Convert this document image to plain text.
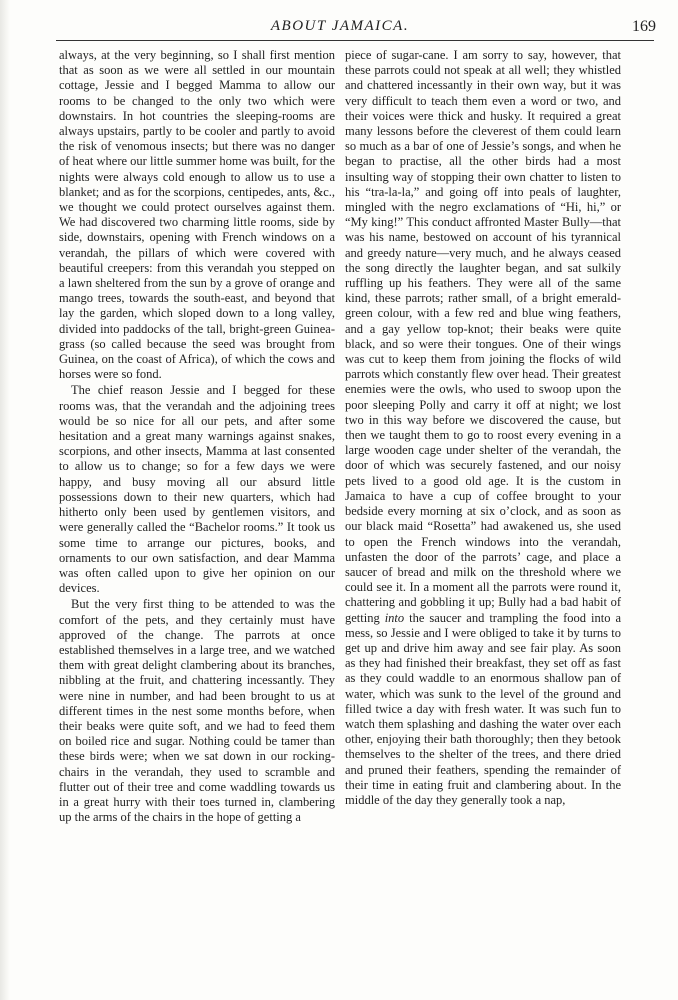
ABOUT JAMAICA.	169

always, at the very beginning, so I shall first mention that as soon as we were all settled in our mountain cottage, Jessie and I begged Mamma to allow our rooms to be changed to the only two which were downstairs. In hot countries the sleeping-rooms are always upstairs, partly to be cooler and partly to avoid the risk of venomous insects; but there was no danger of heat where our little summer home was built, for the nights were always cold enough to allow us to use a blanket; and as for the scorpions, centipedes, ants, &c., we thought we could protect ourselves against them. We had discovered two charming little rooms, side by side, downstairs, opening with French windows on a verandah, the pillars of which were covered with beautiful creepers: from this verandah you stepped on a lawn sheltered from the sun by a grove of orange and mango trees, towards the south-east, and beyond that lay the garden, which sloped down to a long valley, divided into paddocks of the tall, bright-green Guinea-grass (so called because the seed was brought from Guinea, on the coast of Africa), of which the cows and horses were so fond.

The chief reason Jessie and I begged for these rooms was, that the verandah and the adjoining trees would be so nice for all our pets, and after some hesitation and a great many warnings against snakes, scorpions, and other insects, Mamma at last consented to allow us to change; so for a few days we were happy, and busy moving all our absurd little possessions down to their new quarters, which had hitherto only been used by gentlemen visitors, and were generally called the “Bachelor rooms.” It took us some time to arrange our pictures, books, and ornaments to our own satisfaction, and dear Mamma was often called upon to give her opinion on our devices.

But the very first thing to be attended to was the comfort of the pets, and they certainly must have approved of the change. The parrots at once established themselves in a large tree, and we watched them with great delight clambering about its branches, nibbling at the fruit, and chattering incessantly. They were nine in number, and had been brought to us at different times in the nest some months before, when their beaks were quite soft, and we had to feed them on boiled rice and sugar. Nothing could be tamer than these birds were; when we sat down in our rocking-chairs in the verandah, they used to scramble and flutter out of their tree and come waddling towards us in a great hurry with their toes turned in, clambering up the arms of the chairs in the hope of getting a

piece of sugar-cane. I am sorry to say, however, that these parrots could not speak at all well; they whistled and chattered incessantly in their own way, but it was very difficult to teach them even a word or two, and their voices were thick and husky. It required a great many lessons before the cleverest of them could learn so much as a bar of one of Jessie’s songs, and when he began to practise, all the other birds had a most insulting way of stopping their own chatter to listen to his “tra-la-la,” and going off into peals of laughter, mingled with the negro exclamations of “Hi, hi,” or “My king!” This conduct affronted Master Bully—that was his name, bestowed on account of his tyrannical and greedy nature—very much, and he always ceased the song directly the laughter began, and sat sulkily ruffling up his feathers. They were all of the same kind, these parrots; rather small, of a bright emerald-green colour, with a few red and blue wing feathers, and a gay yellow top-knot; their beaks were quite black, and so were their tongues. One of their wings was cut to keep them from joining the flocks of wild parrots which constantly flew over head. Their greatest enemies were the owls, who used to swoop upon the poor sleeping Polly and carry it off at night; we lost two in this way before we discovered the cause, but then we taught them to go to roost every evening in a large wooden cage under shelter of the verandah, the door of which was securely fastened, and our noisy pets lived to a good old age. It is the custom in Jamaica to have a cup of coffee brought to your bedside every morning at six o’clock, and as soon as our black maid “Rosetta” had awakened us, she used to open the French windows into the verandah, unfasten the door of the parrots’ cage, and place a saucer of bread and milk on the threshold where we could see it. In a moment all the parrots were round it, chattering and gobbling it up; Bully had a bad habit of getting into the saucer and trampling the food into a mess, so Jessie and I were obliged to take it by turns to get up and drive him away and see fair play. As soon as they had finished their breakfast, they set off as fast as they could waddle to an enormous shallow pan of water, which was sunk to the level of the ground and filled twice a day with fresh water. It was such fun to watch them splashing and dashing the water over each other, enjoying their bath thoroughly; then they betook themselves to the shelter of the trees, and there dried and pruned their feathers, spending the remainder of their time in eating fruit and clambering about. In the middle of the day they generally took a nap,
